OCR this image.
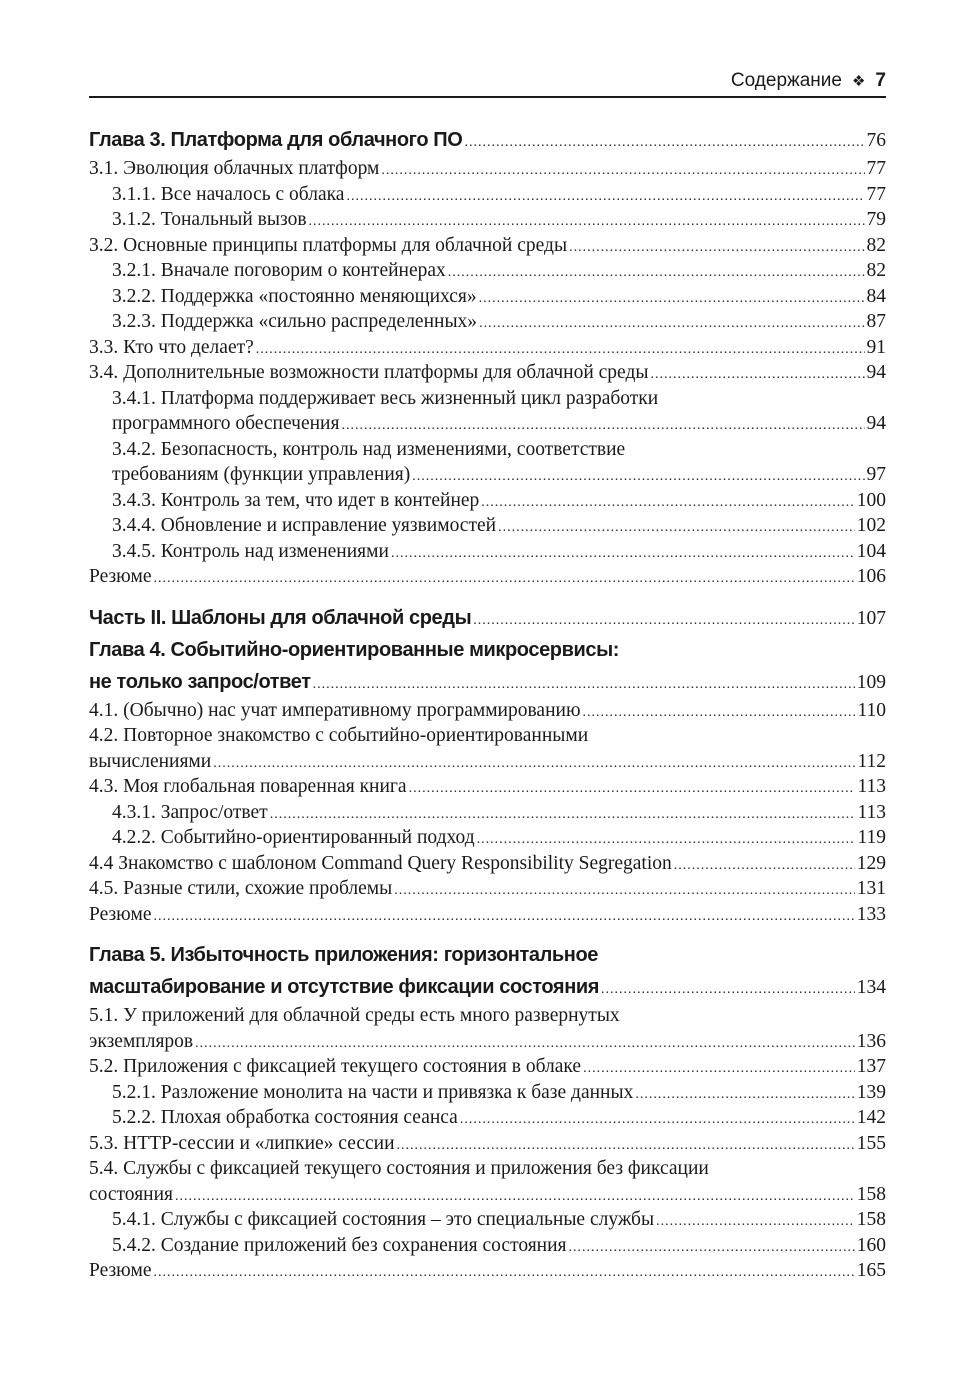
Содержание ❖ 7
Глава 3. Платформа для облачного ПО .....	76
3.1. Эволюция облачных платформ .....	77
3.1.1. Все началось с облака .....	77
3.1.2. Тональный вызов .....	79
3.2. Основные принципы платформы для облачной среды .....	82
3.2.1. Вначале поговорим о контейнерах .....	82
3.2.2. Поддержка «постоянно меняющихся» .....	84
3.2.3. Поддержка «сильно распределенных» .....	87
3.3. Кто что делает? .....	91
3.4. Дополнительные возможности платформы для облачной среды .....	94
3.4.1. Платформа поддерживает весь жизненный цикл разработки
программного обеспечения .....	94
3.4.2. Безопасность, контроль над изменениями, соответствие
требованиям (функции управления) .....	97
3.4.3. Контроль за тем, что идет в контейнер .....	100
3.4.4. Обновление и исправление уязвимостей .....	102
3.4.5. Контроль над изменениями .....	104
Резюме .....	106
Часть II. Шаблоны для облачной среды .....	107
Глава 4. Событийно-ориентированные микросервисы:
не только запрос/ответ .....	109
4.1. (Обычно) нас учат императивному программированию .....	110
4.2. Повторное знакомство с событийно-ориентированными
вычислениями .....	112
4.3. Моя глобальная поваренная книга .....	113
4.3.1. Запрос/ответ .....	113
4.2.2. Событийно-ориентированный подход .....	119
4.4 Знакомство с шаблоном Command Query Responsibility Segregation .....	129
4.5. Разные стили, схожие проблемы .....	131
Резюме .....	133
Глава 5. Избыточность приложения: горизонтальное
масштабирование и отсутствие фиксации состояния .....	134
5.1. У приложений для облачной среды есть много развернутых
экземпляров .....	136
5.2. Приложения с фиксацией текущего состояния в облаке .....	137
5.2.1. Разложение монолита на части и привязка к базе данных .....	139
5.2.2. Плохая обработка состояния сеанса .....	142
5.3. HTTP-сессии и «липкие» сессии .....	155
5.4. Службы с фиксацией текущего состояния и приложения без фиксации
состояния .....	158
5.4.1. Службы с фиксацией состояния – это специальные службы .....	158
5.4.2. Создание приложений без сохранения состояния .....	160
Резюме .....	165
